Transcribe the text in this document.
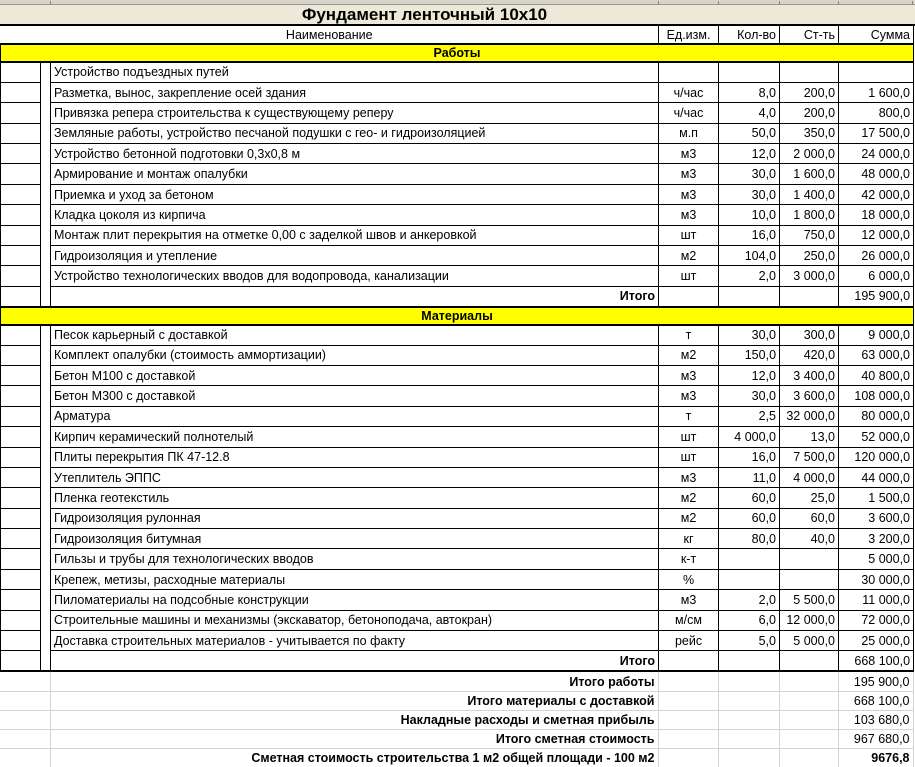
Фундамент ленточный 10х10
Наименование			Ед.изм.	Кол-во	Ст-ть	Сумма
Работы						
		Устройство подъездных путей				
		Разметка, вынос, закрепление осей здания	ч/час	8,0	200,0	1 600,0
		Привязка репера строительства к существующему реперу	ч/час	4,0	200,0	800,0
		Земляные работы, устройство песчаной подушки с гео- и гидроизоляцией	м.п	50,0	350,0	17 500,0
		Устройство бетонной подготовки 0,3х0,8 м	м3	12,0	2 000,0	24 000,0
		Армирование и монтаж опалубки	м3	30,0	1 600,0	48 000,0
		Приемка и уход за бетоном	м3	30,0	1 400,0	42 000,0
		Кладка цоколя из кирпича	м3	10,0	1 800,0	18 000,0
		Монтаж плит перекрытия на отметке 0,00 с заделкой швов и анкеровкой	шт	16,0	750,0	12 000,0
		Гидроизоляция и утепление	м2	104,0	250,0	26 000,0
		Устройство технологических вводов для водопровода, канализации	шт	2,0	3 000,0	6 000,0
		Итого				195 900,0
Материалы						
		Песок карьерный с доставкой	т	30,0	300,0	9 000,0
		Комплект опалубки (стоимость аммортизации)	м2	150,0	420,0	63 000,0
		Бетон М100 с доставкой	м3	12,0	3 400,0	40 800,0
		Бетон М300 с доставкой	м3	30,0	3 600,0	108 000,0
		Арматура	т	2,5	32 000,0	80 000,0
		Кирпич керамический полнотелый	шт	4 000,0	13,0	52 000,0
		Плиты перекрытия ПК 47-12.8	шт	16,0	7 500,0	120 000,0
		Утеплитель ЭППС	м3	11,0	4 000,0	44 000,0
		Пленка геотекстиль	м2	60,0	25,0	1 500,0
		Гидроизоляция рулонная	м2	60,0	60,0	3 600,0
		Гидроизоляция битумная	кг	80,0	40,0	3 200,0
		Гильзы и трубы для технологических вводов	к-т			5 000,0
		Крепеж, метизы, расходные материалы	%			30 000,0
		Пиломатериалы на подсобные конструкции	м3	2,0	5 500,0	11 000,0
		Строительные машины и механизмы (экскаватор, бетоноподача, автокран)	м/см	6,0	12 000,0	72 000,0
		Доставка строительных материалов - учитывается по факту	рейс	5,0	5 000,0	25 000,0
		Итого				668 100,0
	Итого работы				195 900,0
	Итого материалы с доставкой				668 100,0
	Накладные расходы и сметная прибыль				103 680,0
	Итого сметная стоимость				967 680,0
	Сметная стоимость строительства 1 м2 общей площади - 100 м2				9676,8
